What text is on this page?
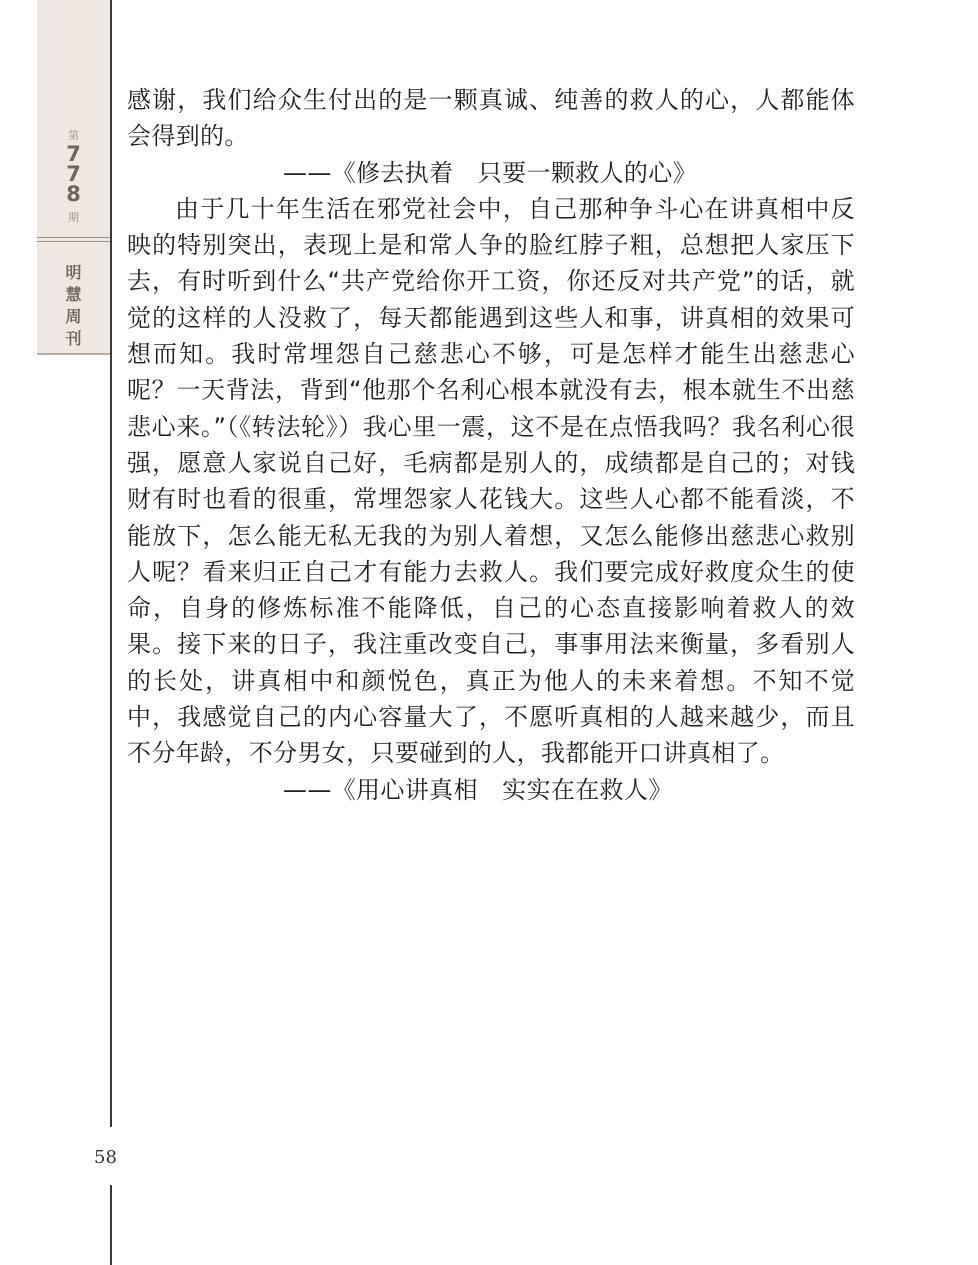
第
7
7
8
期
明
慧
周
刊
58

感谢，我们给众生付出的是一颗真诚、纯善的救人的心，人都能体会得到的。

——《修去执着　只要一颗救人的心》

由于几十年生活在邪党社会中，自己那种争斗心在讲真相中反映的特别突出，表现上是和常人争的脸红脖子粗，总想把人家压下去，有时听到什么“共产党给你开工资，你还反对共产党”的话，就觉的这样的人没救了，每天都能遇到这些人和事，讲真相的效果可想而知。我时常埋怨自己慈悲心不够，可是怎样才能生出慈悲心呢？一天背法，背到“他那个名利心根本就没有去，根本就生不出慈悲心来。”（《转法轮》）我心里一震，这不是在点悟我吗？我名利心很强，愿意人家说自己好，毛病都是别人的，成绩都是自己的；对钱财有时也看的很重，常埋怨家人花钱大。这些人心都不能看淡，不能放下，怎么能无私无我的为别人着想，又怎么能修出慈悲心救别人呢？看来归正自己才有能力去救人。我们要完成好救度众生的使命，自身的修炼标准不能降低，自己的心态直接影响着救人的效果。接下来的日子，我注重改变自己，事事用法来衡量，多看别人的长处，讲真相中和颜悦色，真正为他人的未来着想。不知不觉中，我感觉自己的内心容量大了，不愿听真相的人越来越少，而且不分年龄，不分男女，只要碰到的人，我都能开口讲真相了。

——《用心讲真相　实实在在救人》
